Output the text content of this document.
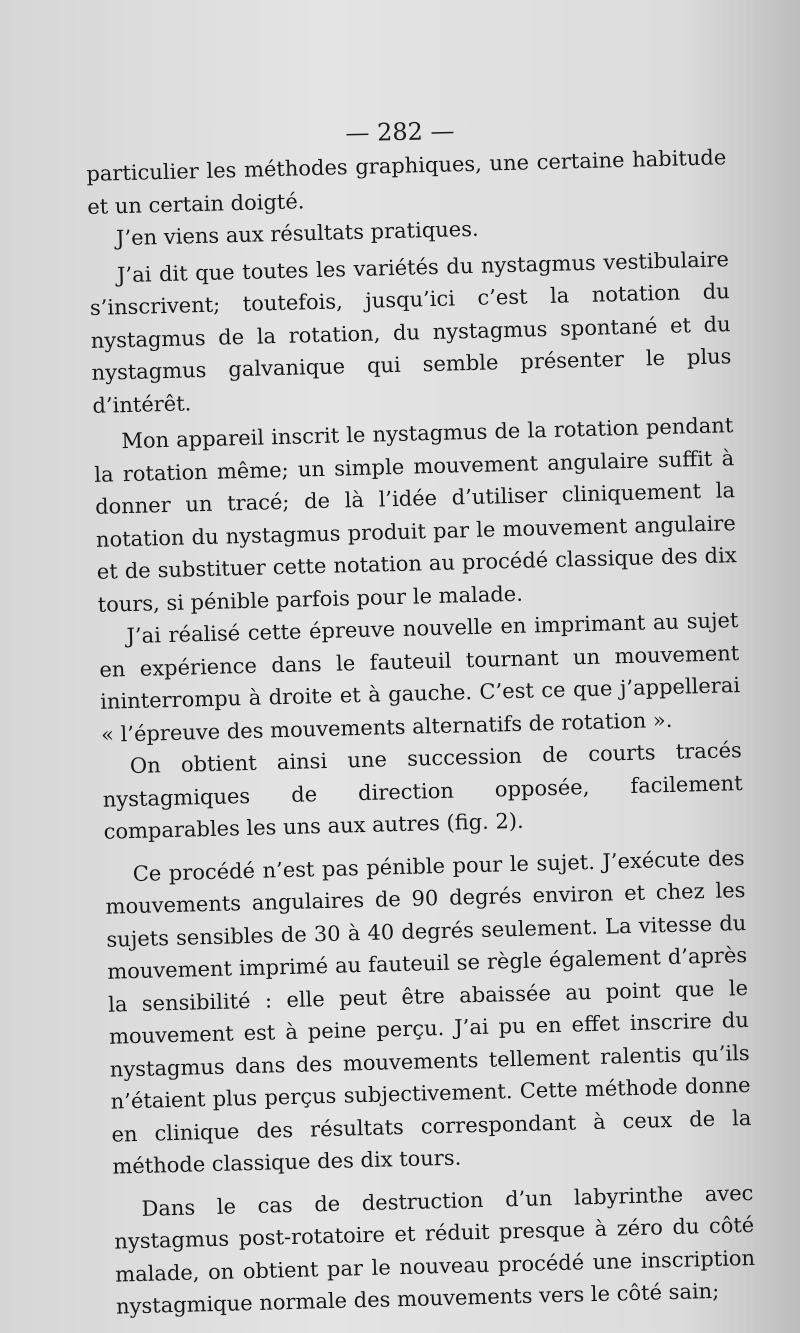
— 282 —

particulier les méthodes graphiques, une certaine habitude et un certain doigté.

J’en viens aux résultats pratiques.

J’ai dit que toutes les variétés du nystagmus vestibulaire s’inscrivent; toutefois, jusqu’ici c’est la notation du nystagmus de la rotation, du nystagmus spontané et du nystagmus galvanique qui semble présenter le plus d’intérêt.

Mon appareil inscrit le nystagmus de la rotation pendant la rotation même; un simple mouvement angulaire suffit à donner un tracé; de là l’idée d’utiliser cliniquement la notation du nystagmus produit par le mouvement angulaire et de substituer cette notation au procédé classique des dix tours, si pénible parfois pour le malade.

J’ai réalisé cette épreuve nouvelle en imprimant au sujet en expérience dans le fauteuil tournant un mouvement ininterrompu à droite et à gauche. C’est ce que j’appellerai « l’épreuve des mouvements alternatifs de rotation ».

On obtient ainsi une succession de courts tracés nystagmiques de direction opposée, facilement comparables les uns aux autres (fig. 2).

Ce procédé n’est pas pénible pour le sujet. J’exécute des mouvements angulaires de 90 degrés environ et chez les sujets sensibles de 30 à 40 degrés seulement. La vitesse du mouvement imprimé au fauteuil se règle également d’après la sensibilité : elle peut être abaissée au point que le mouvement est à peine perçu. J’ai pu en effet inscrire du nystagmus dans des mouvements tellement ralentis qu’ils n’étaient plus perçus subjectivement. Cette méthode donne en clinique des résultats correspondant à ceux de la méthode classique des dix tours.

Dans le cas de destruction d’un labyrinthe avec nystagmus post-rotatoire et réduit presque à zéro du côté malade, on obtient par le nouveau procédé une inscription nystagmique normale des mouvements vers le côté sain;
